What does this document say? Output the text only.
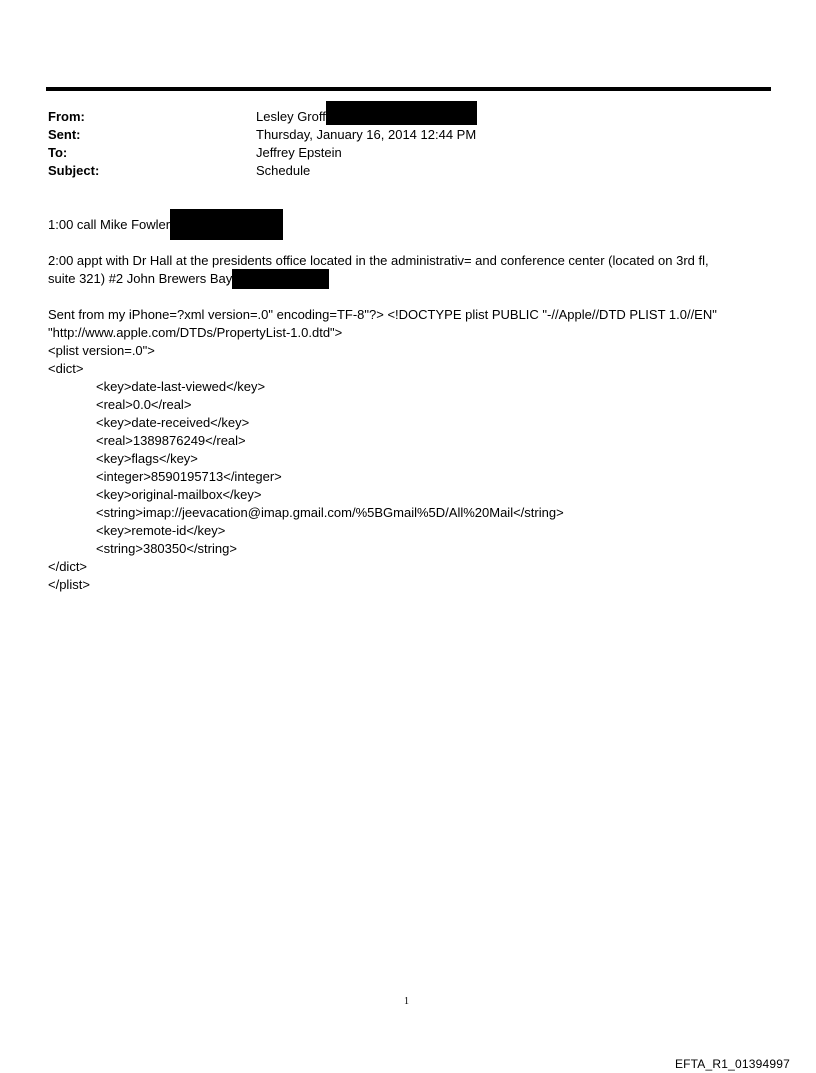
From:	Lesley Groff
Sent:	Thursday, January 16, 2014 12:44 PM
To:	Jeffrey Epstein
Subject:	Schedule
1:00 call Mike Fowler
2:00 appt with Dr Hall at the presidents office located in the administrativ= and conference center (located on 3rd fl,
suite 321) #2 John Brewers Bay
Sent from my iPhone=?xml version=.0" encoding=TF-8"?> <!DOCTYPE plist PUBLIC "-//Apple//DTD PLIST 1.0//EN"
"http://www.apple.com/DTDs/PropertyList-1.0.dtd">
<plist version=.0">
<dict>
<key>date-last-viewed</key>
<real>0.0</real>
<key>date-received</key>
<real>1389876249</real>
<key>flags</key>
<integer>8590195713</integer>
<key>original-mailbox</key>
<string>imap://jeevacation@imap.gmail.com/%5BGmail%5D/All%20Mail</string>
<key>remote-id</key>
<string>380350</string>
</dict>
</plist>
1
EFTA_R1_01394997
